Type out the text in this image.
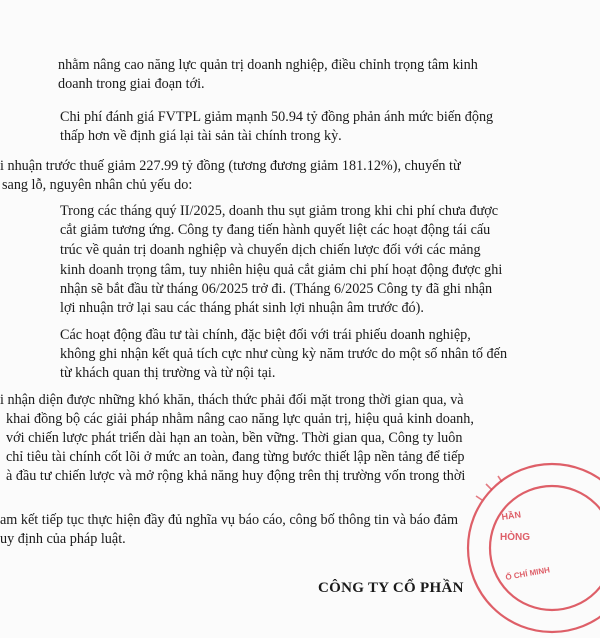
nhằm nâng cao năng lực quản trị doanh nghiệp, điều chỉnh trọng tâm kinh
doanh trong giai đoạn tới.
Chi phí đánh giá FVTPL giảm mạnh 50.94 tỷ đồng phản ánh mức biến động
thấp hơn về định giá lại tài sản tài chính trong kỳ.
i nhuận trước thuế giảm 227.99 tỷ đồng (tương đương giảm 181.12%), chuyển từ
sang lỗ, nguyên nhân chủ yếu do:
Trong các tháng quý II/2025, doanh thu sụt giảm trong khi chi phí chưa được
cắt giảm tương ứng. Công ty đang tiến hành quyết liệt các hoạt động tái cấu
trúc về quản trị doanh nghiệp và chuyển dịch chiến lược đối với các mảng
kinh doanh trọng tâm, tuy nhiên hiệu quả cắt giảm chi phí hoạt động được ghi
nhận sẽ bắt đầu từ tháng 06/2025 trở đi. (Tháng 6/2025 Công ty đã ghi nhận
lợi nhuận trở lại sau các tháng phát sinh lợi nhuận âm trước đó).
Các hoạt động đầu tư tài chính, đặc biệt đối với trái phiếu doanh nghiệp,
không ghi nhận kết quả tích cực như cùng kỳ năm trước do một số nhân tố đến
từ khách quan thị trường và từ nội tại.
i nhận diện được những khó khăn, thách thức phải đối mặt trong thời gian qua, và
khai đồng bộ các giải pháp nhằm nâng cao năng lực quản trị, hiệu quả kinh doanh,
với chiến lược phát triển dài hạn an toàn, bền vững. Thời gian qua, Công ty luôn
chỉ tiêu tài chính cốt lõi ở mức an toàn, đang từng bước thiết lập nền tảng để tiếp
à đầu tư chiến lược và mở rộng khả năng huy động trên thị trường vốn trong thời
am kết tiếp tục thực hiện đầy đủ nghĩa vụ báo cáo, công bố thông tin và báo đảm
uy định của pháp luật.
HẦN
HÒNG
Ố CHÍ MINH
CÔNG TY CỔ PHẦN
